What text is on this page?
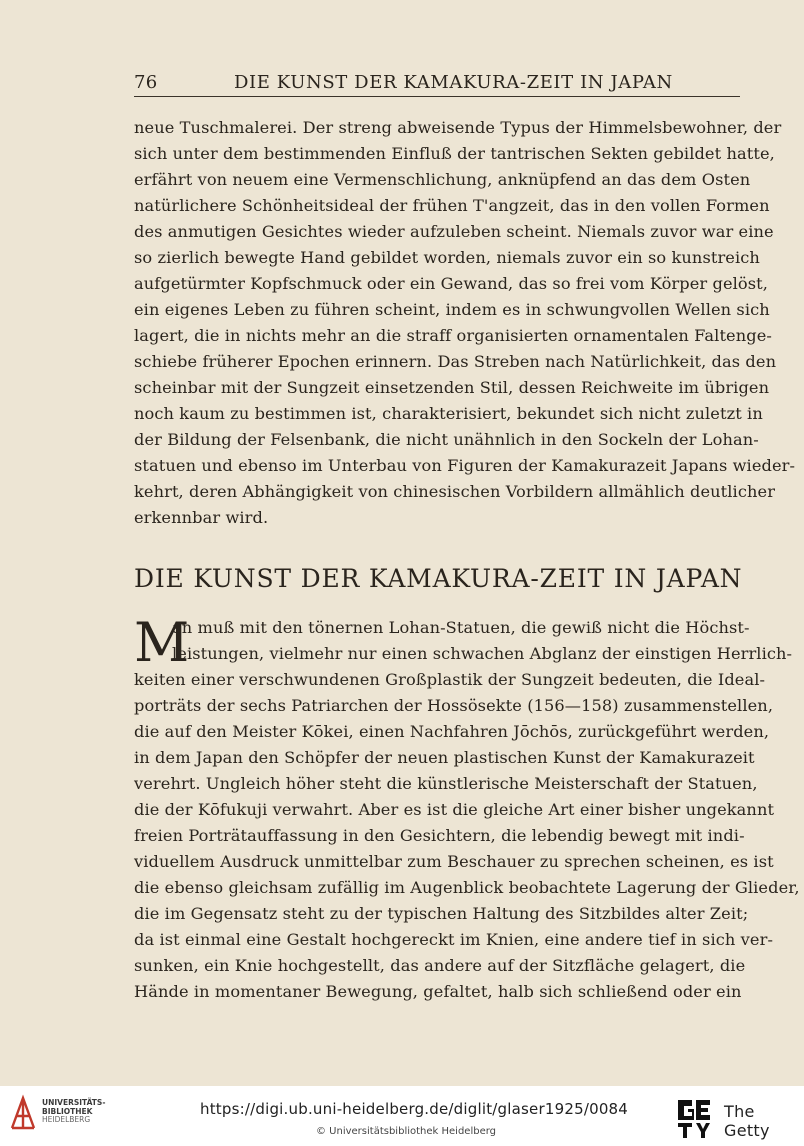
76	DIE KUNST DER KAMAKURA-ZEIT IN JAPAN
neue Tuschmalerei. Der streng abweisende Typus der Himmelsbewohner, der
sich unter dem bestimmenden Einfluß der tantrischen Sekten gebildet hatte,
erfährt von neuem eine Vermenschlichung, anknüpfend an das dem Osten
natürlichere Schönheitsideal der frühen T'angzeit, das in den vollen Formen
des anmutigen Gesichtes wieder aufzuleben scheint. Niemals zuvor war eine
so zierlich bewegte Hand gebildet worden, niemals zuvor ein so kunstreich
aufgetürmter Kopfschmuck oder ein Gewand, das so frei vom Körper gelöst,
ein eigenes Leben zu führen scheint, indem es in schwungvollen Wellen sich
lagert, die in nichts mehr an die straff organisierten ornamentalen Faltenge-
schiebe früherer Epochen erinnern. Das Streben nach Natürlichkeit, das den
scheinbar mit der Sungzeit einsetzenden Stil, dessen Reichweite im übrigen
noch kaum zu bestimmen ist, charakterisiert, bekundet sich nicht zuletzt in
der Bildung der Felsenbank, die nicht unähnlich in den Sockeln der Lohan-
statuen und ebenso im Unterbau von Figuren der Kamakurazeit Japans wieder-
kehrt, deren Abhängigkeit von chinesischen Vorbildern allmählich deutlicher
erkennbar wird.
DIE KUNST DER KAMAKURA-ZEIT IN JAPAN
M
an muß mit den tönernen Lohan-Statuen, die gewiß nicht die Höchst-
leistungen, vielmehr nur einen schwachen Abglanz der einstigen Herrlich-
keiten einer verschwundenen Großplastik der Sungzeit bedeuten, die Ideal-
porträts der sechs Patriarchen der Hossösekte (156—158) zusammenstellen,
die auf den Meister Kōkei, einen Nachfahren Jōchōs, zurückgeführt werden,
in dem Japan den Schöpfer der neuen plastischen Kunst der Kamakurazeit
verehrt. Ungleich höher steht die künstlerische Meisterschaft der Statuen,
die der Kōfukuji verwahrt. Aber es ist die gleiche Art einer bisher ungekannt
freien Porträtauffassung in den Gesichtern, die lebendig bewegt mit indi-
viduellem Ausdruck unmittelbar zum Beschauer zu sprechen scheinen, es ist
die ebenso gleichsam zufällig im Augenblick beobachtete Lagerung der Glieder,
die im Gegensatz steht zu der typischen Haltung des Sitzbildes alter Zeit;
da ist einmal eine Gestalt hochgereckt im Knien, eine andere tief in sich ver-
sunken, ein Knie hochgestellt, das andere auf der Sitzfläche gelagert, die
Hände in momentaner Bewegung, gefaltet, halb sich schließend oder ein
UNIVERSITÄTS-
BIBLIOTHEK
HEIDELBERG
https://digi.ub.uni-heidelberg.de/diglit/glaser1925/0084
© Universitätsbibliothek Heidelberg
The Getty
